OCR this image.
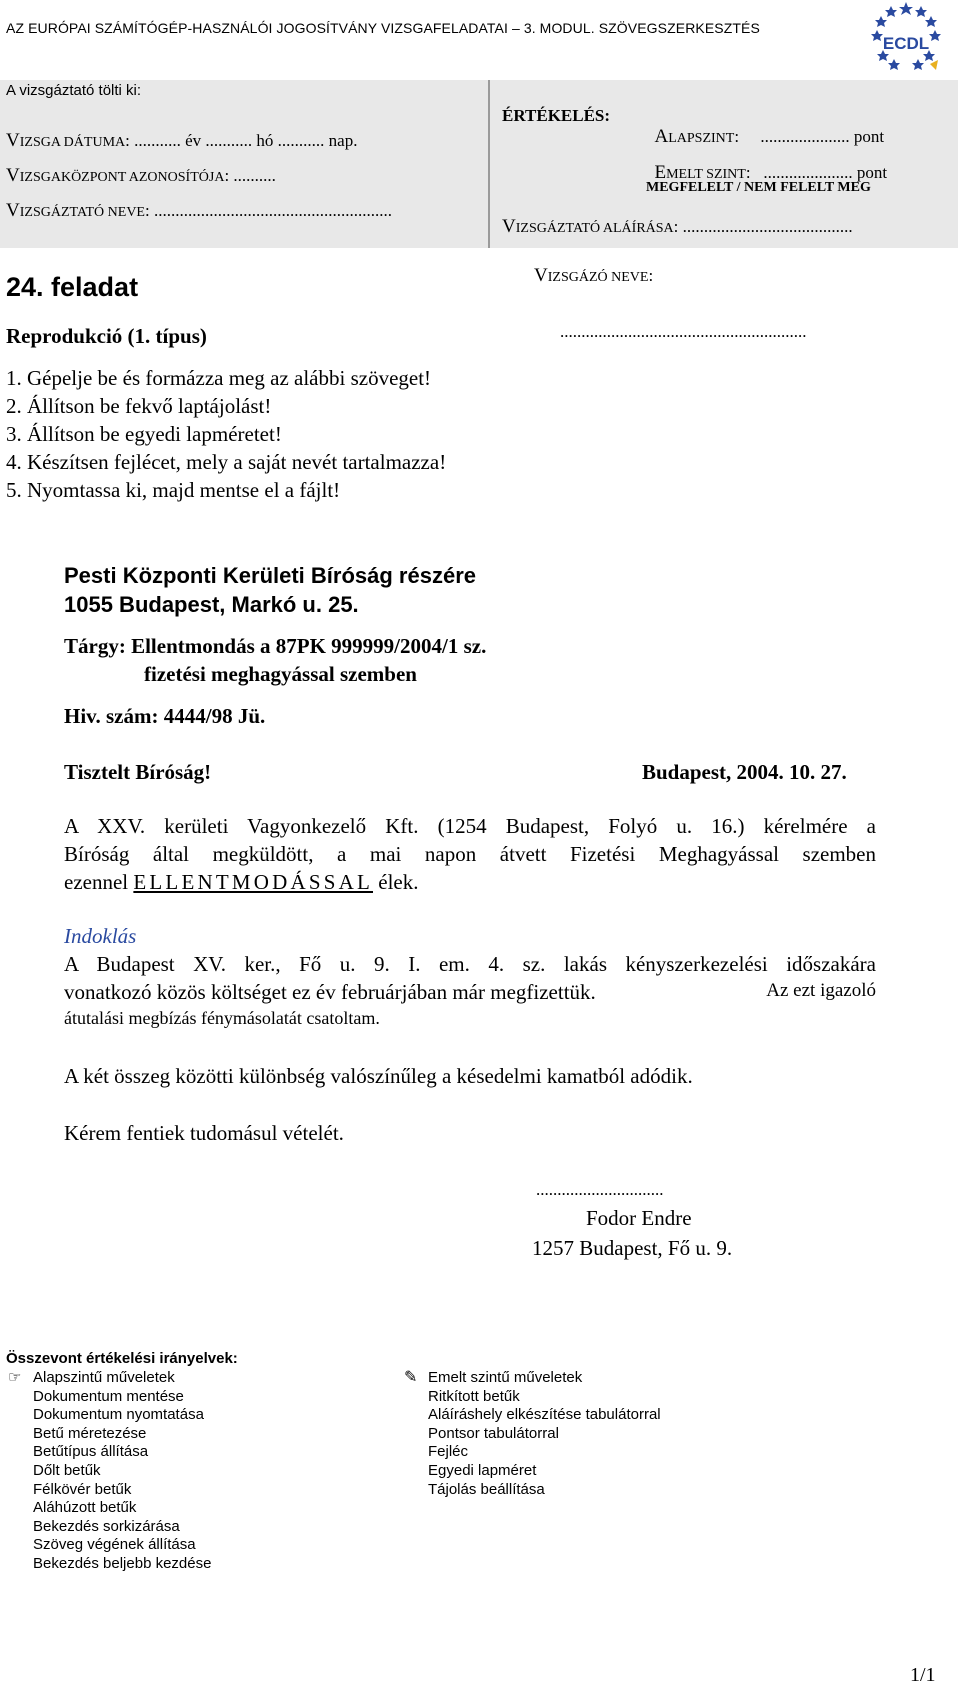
AZ EURÓPAI SZÁMÍTÓGÉP-HASZNÁLÓI JOGOSÍTVÁNY VIZSGAFELADATAI – 3. MODUL. SZÖVEGSZERKESZTÉS
ECDL
A vizsgáztató tölti ki:
VIZSGA DÁTUMA: ........... év ........... hó ........... nap.
VIZSGAKÖZPONT AZONOSÍTÓJA: ..........
VIZSGÁZTATÓ NEVE: ........................................................
ÉRTÉKELÉS:

ALAPSZINT:     ..................... pont

EMELT SZINT:   ..................... pont

MEGFELELT / NEM FELELT MEG
VIZSGÁZTATÓ ALÁÍRÁSA: ........................................
24. feladat
Reprodukció (1. típus)
VIZSGÁZÓ NEVE:
..........................................................
1. Gépelje be és formázza meg az alábbi szöveget!
2. Állítson be fekvő laptájolást!
3. Állítson be egyedi lapméretet!
4. Készítsen fejlécet, mely a saját nevét tartalmazza!
5. Nyomtassa ki, majd mentse el a fájlt!
Pesti Központi Kerületi Bíróság részére
1055 Budapest, Markó u. 25.
Tárgy: Ellentmondás a 87PK 999999/2004/1 sz.
fizetési meghagyással szemben
Hiv. szám: 4444/98 Jü.
Tisztelt Bíróság!	Budapest, 2004. 10. 27.
A XXV. kerületi Vagyonkezelő Kft. (1254 Budapest, Folyó u. 16.) kérelmére a
Bíróság által megküldött, a mai napon átvett Fizetési Meghagyással szemben
ezennel ELLENTMODÁSSAL élek.
Indoklás
A Budapest XV. ker., Fő u. 9. I. em. 4. sz. lakás kényszerkezelési időszakára
vonatkozó közös költséget ez év februárjában már megfizettük.	Az ezt igazoló
átutalási megbízás fénymásolatát csatoltam.
A két összeg közötti különbség valószínűleg a késedelmi kamatból adódik.
Kérem fentiek tudomásul vételét.
..............................
Fodor Endre
1257 Budapest, Fő u. 9.
Összevont értékelési irányelvek:
☞ Alapszintű műveletek
Dokumentum mentése
Dokumentum nyomtatása
Betű méretezése
Betűtípus állítása
Dőlt betűk
Félkövér betűk
Aláhúzott betűk
Bekezdés sorkizárása
Szöveg végének állítása
Bekezdés beljebb kezdése
✎ Emelt szintű műveletek
Ritkított betűk
Aláíráshely elkészítése tabulátorral
Pontsor tabulátorral
Fejléc
Egyedi lapméret
Tájolás beállítása
1/1
